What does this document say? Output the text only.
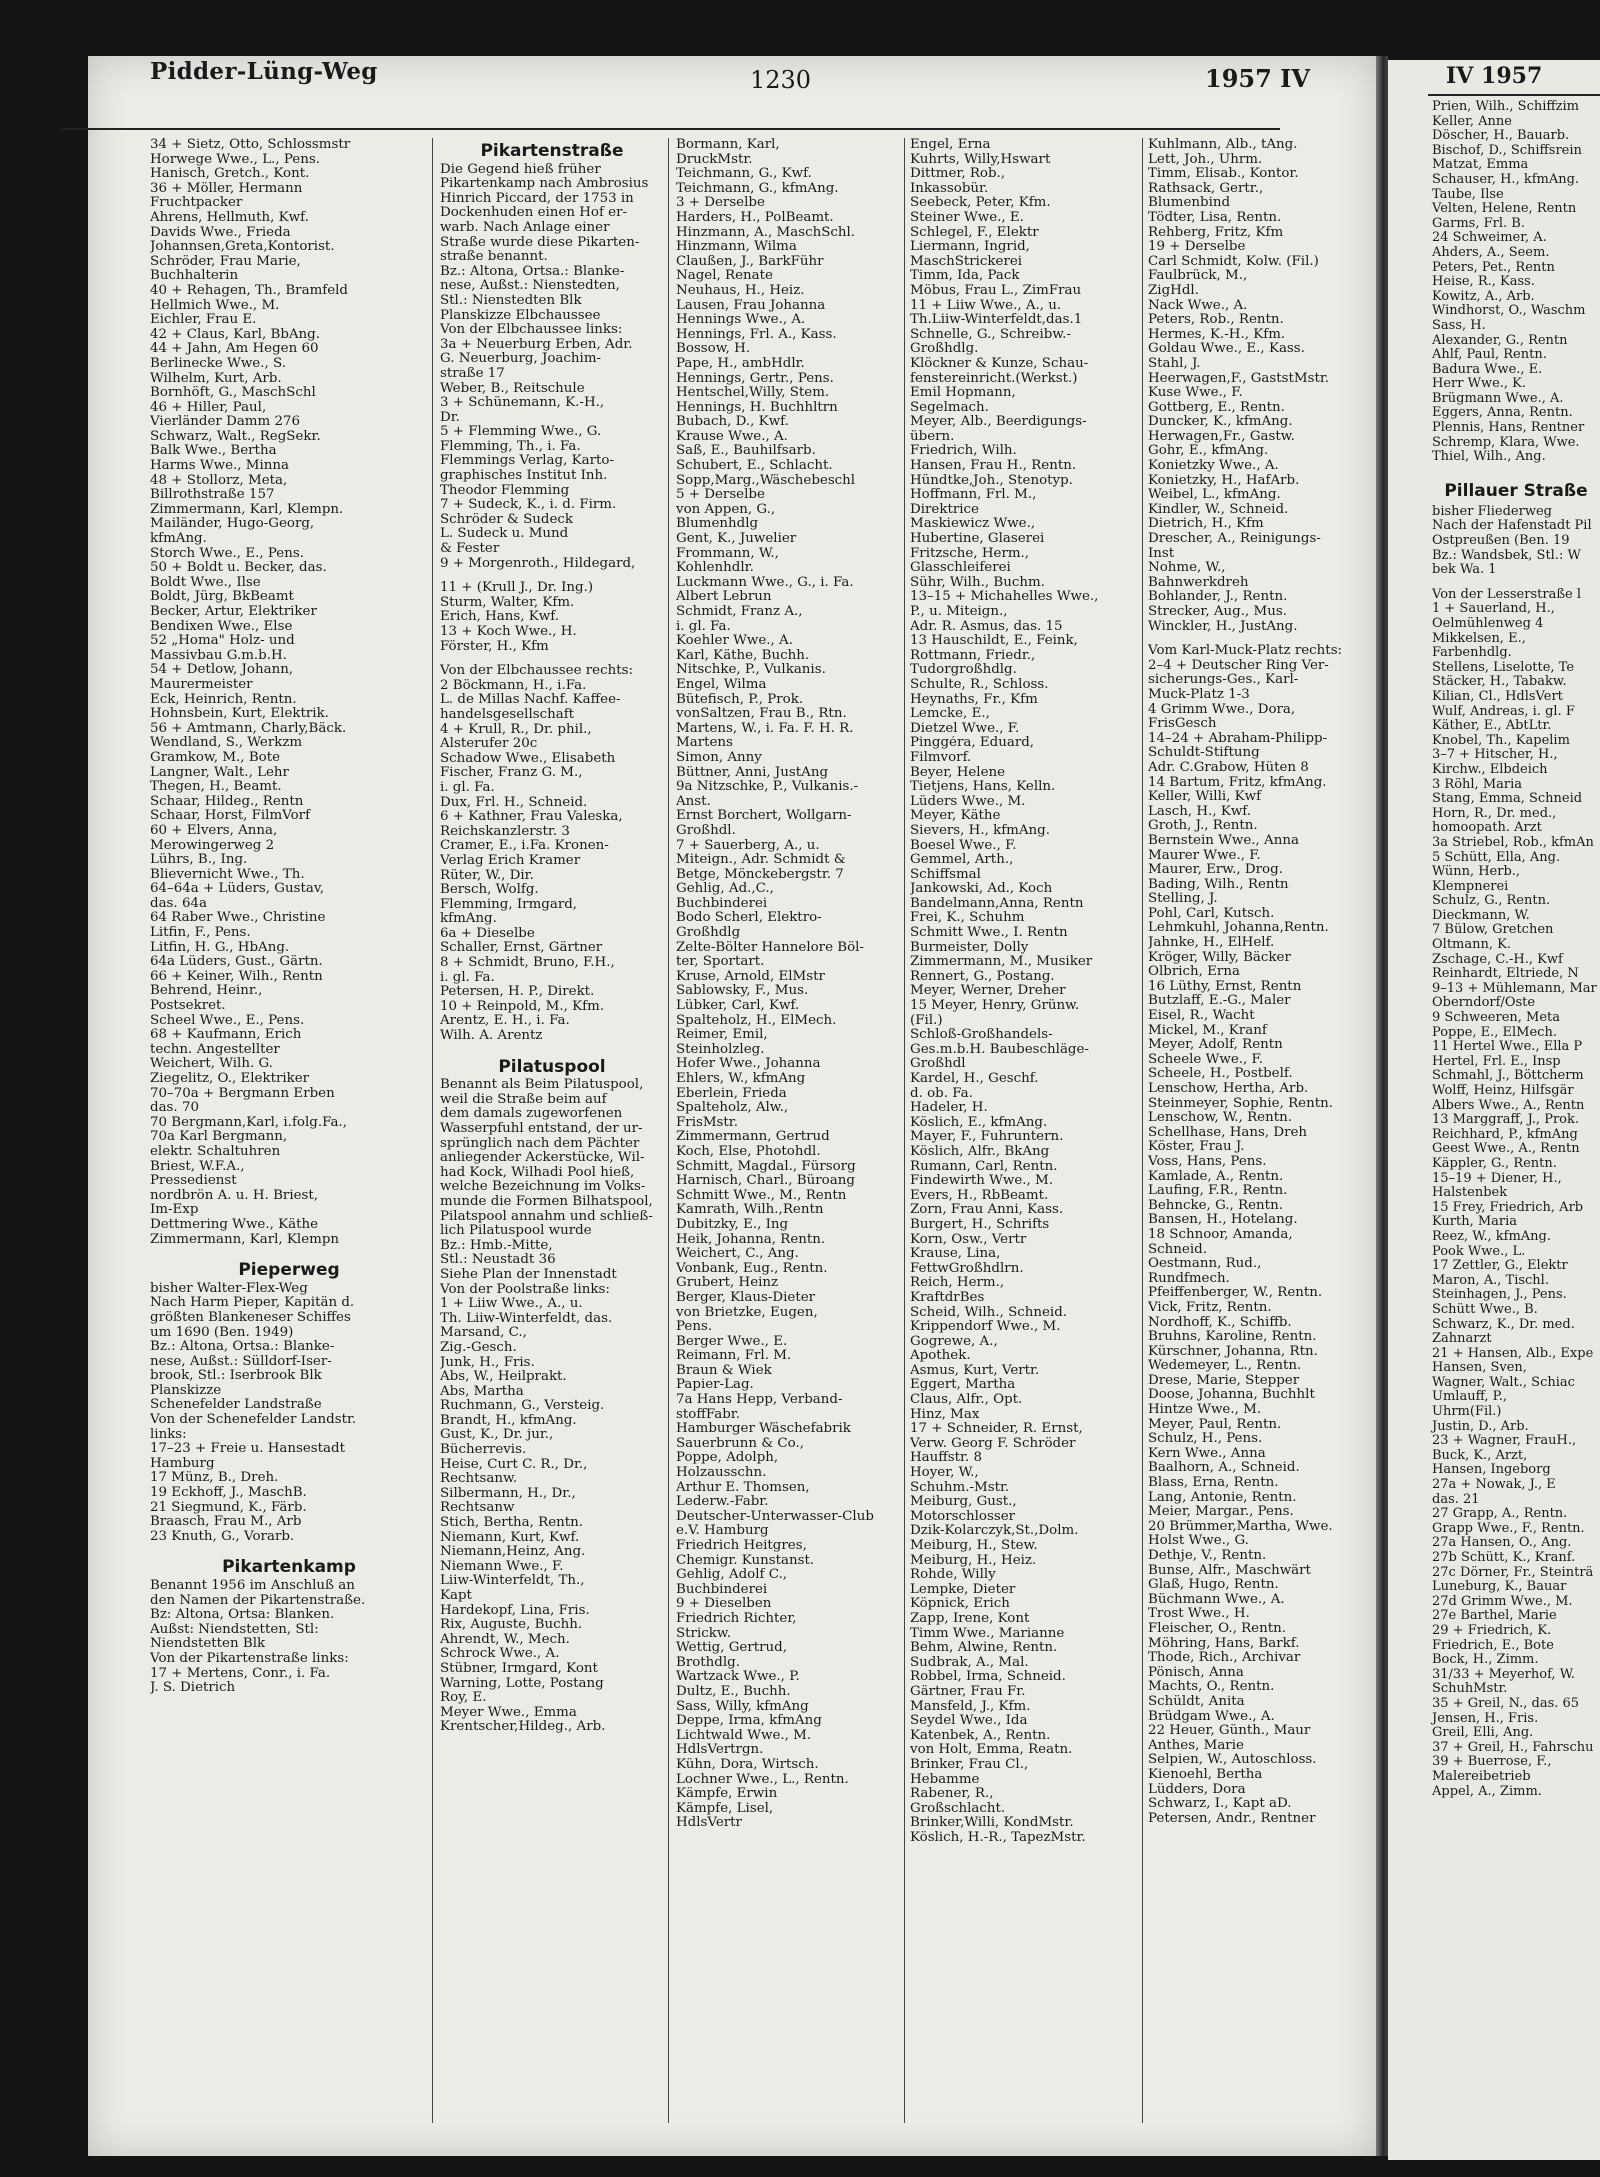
Pidder-Lüng-Weg	1230	1957 IV
34 + Sietz, Otto, Schlossmstr
Horwege Wwe., L., Pens.
Hanisch, Gretch., Kont.
36 + Möller, Hermann
Fruchtpacker
Ahrens, Hellmuth, Kwf.
Davids Wwe., Frieda
Johannsen,Greta,Kontorist.
Schröder, Frau Marie,
Buchhalterin
40 + Rehagen, Th., Bramfeld
Hellmich Wwe., M.
Eichler, Frau E.
42 + Claus, Karl, BbAng.
44 + Jahn, Am Hegen 60
Berlinecke Wwe., S.
Wilhelm, Kurt, Arb.
Bornhöft, G., MaschSchl
46 + Hiller, Paul,
Vierländer Damm 276
Schwarz, Walt., RegSekr.
Balk Wwe., Bertha
Harms Wwe., Minna
48 + Stollorz, Meta,
Billrothstraße 157
Zimmermann, Karl, Klempn.
Mailänder, Hugo-Georg,
kfmAng.
Storch Wwe., E., Pens.
50 + Boldt u. Becker, das.
Boldt Wwe., Ilse
Boldt, Jürg, BkBeamt
Becker, Artur, Elektriker
Bendixen Wwe., Else
52 „Homa" Holz- und
Massivbau G.m.b.H.
54 + Detlow, Johann,
Maurermeister
Eck, Heinrich, Rentn.
Hohnsbein, Kurt, Elektrik.
56 + Amtmann, Charly,Bäck.
Wendland, S., Werkzm
Gramkow, M., Bote
Langner, Walt., Lehr
Thegen, H., Beamt.
Schaar, Hildeg., Rentn
Schaar, Horst, FilmVorf
60 + Elvers, Anna,
Merowingerweg 2
Lührs, B., Ing.
Blievernicht Wwe., Th.
64–64a + Lüders, Gustav,
das. 64a
64 Raber Wwe., Christine
Litfin, F., Pens.
Litfin, H. G., HbAng.
64a Lüders, Gust., Gärtn.
66 + Keiner, Wilh., Rentn
Behrend, Heinr.,
Postsekret.
Scheel Wwe., E., Pens.
68 + Kaufmann, Erich
techn. Angestellter
Weichert, Wilh. G.
Ziegelitz, O., Elektriker
70–70a + Bergmann Erben
das. 70
70 Bergmann,Karl, i.folg.Fa.,
70a Karl Bergmann,
elektr. Schaltuhren
Briest, W.F.A.,
Pressedienst
nordbrön A. u. H. Briest,
Im-Exp
Dettmering Wwe., Käthe
Zimmermann, Karl, Klempn

Pieperweg
bisher Walter-Flex-Weg
Nach Harm Pieper, Kapitän d.
größten Blankeneser Schiffes
um 1690 (Ben. 1949)
Bz.: Altona, Ortsa.: Blanke-
nese, Außst.: Sülldorf-Iser-
brook, Stl.: Iserbrook Blk
Planskizze
Schenefelder Landstraße
Von der Schenefelder Landstr.
links:
17–23 + Freie u. Hansestadt
Hamburg
17 Münz, B., Dreh.
19 Eckhoff, J., MaschB.
21 Siegmund, K., Färb.
Braasch, Frau M., Arb
23 Knuth, G., Vorarb.

Pikartenkamp
Benannt 1956 im Anschluß an
den Namen der Pikartenstraße.
Bz: Altona, Ortsa: Blanken.
Außst: Niendstetten, Stl:
Niendstetten Blk
Von der Pikartenstraße links:
17 + Mertens, Conr., i. Fa.
J. S. Dietrich
Pikartenstraße
Die Gegend hieß früher
Pikartenkamp nach Ambrosius
Hinrich Piccard, der 1753 in
Dockenhuden einen Hof er-
warb. Nach Anlage einer
Straße wurde diese Pikarten-
straße benannt.
Bz.: Altona, Ortsa.: Blanke-
nese, Außst.: Nienstedten,
Stl.: Nienstedten Blk
Planskizze Elbchaussee
Von der Elbchaussee links:
3a + Neuerburg Erben, Adr.
G. Neuerburg, Joachim-
straße 17
Weber, B., Reitschule
3 + Schünemann, K.-H.,
Dr.
5 + Flemming Wwe., G.
Flemming, Th., i. Fa.
Flemmings Verlag, Karto-
graphisches Institut Inh.
Theodor Flemming
7 + Sudeck, K., i. d. Firm.
Schröder & Sudeck
L. Sudeck u. Mund
& Fester
9 + Morgenroth., Hildegard,

11 + (Krull J., Dr. Ing.)
Sturm, Walter, Kfm.
Erich, Hans, Kwf.
13 + Koch Wwe., H.
Förster, H., Kfm

Von der Elbchaussee rechts:
2 Böckmann, H., i.Fa.
L. de Millas Nachf. Kaffee-
handelsgesellschaft
4 + Krull, R., Dr. phil.,
Alsterufer 20c
Schadow Wwe., Elisabeth
Fischer, Franz G. M.,
i. gl. Fa.
Dux, Frl. H., Schneid.
6 + Kathner, Frau Valeska,
Reichskanzlerstr. 3
Cramer, E., i.Fa. Kronen-
Verlag Erich Kramer
Rüter, W., Dir.
Bersch, Wolfg.
Flemming, Irmgard,
kfmAng.
6a + Dieselbe
Schaller, Ernst, Gärtner
8 + Schmidt, Bruno, F.H.,
i. gl. Fa.
Petersen, H. P., Direkt.
10 + Reinpold, M., Kfm.
Arentz, E. H., i. Fa.
Wilh. A. Arentz

Pilatuspool
Benannt als Beim Pilatuspool,
weil die Straße beim auf
dem damals zugeworfenen
Wasserpfuhl entstand, der ur-
sprünglich nach dem Pächter
anliegender Ackerstücke, Wil-
had Kock, Wilhadi Pool hieß,
welche Bezeichnung im Volks-
munde die Formen Bilhatspool,
Pilatspool annahm und schließ-
lich Pilatuspool wurde
Bz.: Hmb.-Mitte,
Stl.: Neustadt 36
Siehe Plan der Innenstadt
Von der Poolstraße links:
1 + Liiw Wwe., A., u.
Th. Liiw-Winterfeldt, das.
Marsand, C.,
Zig.-Gesch.
Junk, H., Fris.
Abs, W., Heilprakt.
Abs, Martha
Ruchmann, G., Versteig.
Brandt, H., kfmAng.
Gust, K., Dr. jur.,
Bücherrevis.
Heise, Curt C. R., Dr.,
Rechtsanw.
Silbermann, H., Dr.,
Rechtsanw
Stich, Bertha, Rentn.
Niemann, Kurt, Kwf.
Niemann,Heinz, Ang.
Niemann Wwe., F.
Liiw-Winterfeldt, Th.,
Kapt
Hardekopf, Lina, Fris.
Rix, Auguste, Buchh.
Ahrendt, W., Mech.
Schrock Wwe., A.
Stübner, Irmgard, Kont
Warning, Lotte, Postang
Roy, E.
Meyer Wwe., Emma
Krentscher,Hildeg., Arb.
Bormann, Karl,
DruckMstr.
Teichmann, G., Kwf.
Teichmann, G., kfmAng.
3 + Derselbe
Harders, H., PolBeamt.
Hinzmann, A., MaschSchl.
Hinzmann, Wilma
Claußen, J., BarkFühr
Nagel, Renate
Neuhaus, H., Heiz.
Lausen, Frau Johanna
Hennings Wwe., A.
Hennings, Frl. A., Kass.
Bossow, H.
Pape, H., ambHdlr.
Hennings, Gertr., Pens.
Hentschel,Willy, Stem.
Hennings, H. Buchhltrn
Bubach, D., Kwf.
Krause Wwe., A.
Saß, E., Bauhilfsarb.
Schubert, E., Schlacht.
Sopp,Marg.,Wäschebeschl
5 + Derselbe
von Appen, G.,
Blumenhdlg
Gent, K., Juwelier
Frommann, W.,
Kohlenhdlr.
Luckmann Wwe., G., i. Fa.
Albert Lebrun
Schmidt, Franz A.,
i. gl. Fa.
Koehler Wwe., A.
Karl, Käthe, Buchh.
Nitschke, P., Vulkanis.
Engel, Wilma
Bütefisch, P., Prok.
vonSaltzen, Frau B., Rtn.
Martens, W., i. Fa. F. H. R.
Martens
Simon, Anny
Büttner, Anni, JustAng
9a Nitzschke, P., Vulkanis.-
Anst.
Ernst Borchert, Wollgarn-
Großhdl.
7 + Sauerberg, A., u.
Miteign., Adr. Schmidt &
Betge, Mönckebergstr. 7
Gehlig, Ad.,C.,
Buchbinderei
Bodo Scherl, Elektro-
Großhdlg
Zelte-Bölter Hannelore Böl-
ter, Sportart.
Kruse, Arnold, ElMstr
Sablowsky, F., Mus.
Lübker, Carl, Kwf.
Spalteholz, H., ElMech.
Reimer, Emil,
Steinholzleg.
Hofer Wwe., Johanna
Ehlers, W., kfmAng
Eberlein, Frieda
Spalteholz, Alw.,
FrisMstr.
Zimmermann, Gertrud
Koch, Else, Photohdl.
Schmitt, Magdal., Fürsorg
Harnisch, Charl., Büroang
Schmitt Wwe., M., Rentn
Kamrath, Wilh.,Rentn
Dubitzky, E., Ing
Heik, Johanna, Rentn.
Weichert, C., Ang.
Vonbank, Eug., Rentn.
Grubert, Heinz
Berger, Klaus-Dieter
von Brietzke, Eugen,
Pens.
Berger Wwe., E.
Reimann, Frl. M.
Braun & Wiek
Papier-Lag.
7a Hans Hepp, Verband-
stoffFabr.
Hamburger Wäschefabrik
Sauerbrunn & Co.,
Poppe, Adolph,
Holzausschn.
Arthur E. Thomsen,
Lederw.-Fabr.
Deutscher-Unterwasser-Club
e.V. Hamburg
Friedrich Heitgres,
Chemigr. Kunstanst.
Gehlig, Adolf C.,
Buchbinderei
9 + Dieselben
Friedrich Richter,
Strickw.
Wettig, Gertrud,
Brothdlg.
Wartzack Wwe., P.
Dultz, E., Buchh.
Sass, Willy, kfmAng
Deppe, Irma, kfmAng
Lichtwald Wwe., M.
HdlsVertrgn.
Kühn, Dora, Wirtsch.
Lochner Wwe., L., Rentn.
Kämpfe, Erwin
Kämpfe, Lisel,
HdlsVertr
Engel, Erna
Kuhrts, Willy,Hswart
Dittmer, Rob.,
Inkassobür.
Seebeck, Peter, Kfm.
Steiner Wwe., E.
Schlegel, F., Elektr
Liermann, Ingrid,
MaschStrickerei
Timm, Ida, Pack
Möbus, Frau L., ZimFrau
11 + Liiw Wwe., A., u.
Th.Liiw-Winterfeldt,das.1
Schnelle, G., Schreibw.-
Großhdlg.
Klöckner & Kunze, Schau-
fenstereinricht.(Werkst.)
Emil Hopmann,
Segelmach.
Meyer, Alb., Beerdigungs-
übern.
Friedrich, Wilh.
Hansen, Frau H., Rentn.
Hündtke,Joh., Stenotyp.
Hoffmann, Frl. M.,
Direktrice
Maskiewicz Wwe.,
Hubertine, Glaserei
Fritzsche, Herm.,
Glasschleiferei
Sühr, Wilh., Buchm.
13–15 + Michahelles Wwe.,
P., u. Miteign.,
Adr. R. Asmus, das. 15
13 Hauschildt, E., Feink,
Rottmann, Friedr.,
Tudorgroßhdlg.
Schulte, R., Schloss.
Heynaths, Fr., Kfm
Lemcke, E.,
Dietzel Wwe., F.
Pinggéra, Eduard,
Filmvorf.
Beyer, Helene
Tietjens, Hans, Kelln.
Lüders Wwe., M.
Meyer, Käthe
Sievers, H., kfmAng.
Boesel Wwe., F.
Gemmel, Arth.,
Schiffsmal
Jankowski, Ad., Koch
Bandelmann,Anna, Rentn
Frei, K., Schuhm
Schmitt Wwe., I. Rentn
Burmeister, Dolly
Zimmermann, M., Musiker
Rennert, G., Postang.
Meyer, Werner, Dreher
15 Meyer, Henry, Grünw.
(Fil.)
Schloß-Großhandels-
Ges.m.b.H. Baubeschläge-
Großhdl
Kardel, H., Geschf.
d. ob. Fa.
Hadeler, H.
Köslich, E., kfmAng.
Mayer, F., Fuhruntern.
Köslich, Alfr., BkAng
Rumann, Carl, Rentn.
Findewirth Wwe., M.
Evers, H., RbBeamt.
Zorn, Frau Anni, Kass.
Burgert, H., Schrifts
Korn, Osw., Vertr
Krause, Lina,
FettwGroßhdlrn.
Reich, Herm.,
KraftdrBes
Scheid, Wilh., Schneid.
Krippendorf Wwe., M.
Gogrewe, A.,
Apothek.
Asmus, Kurt, Vertr.
Eggert, Martha
Claus, Alfr., Opt.
Hinz, Max
17 + Schneider, R. Ernst,
Verw. Georg F. Schröder
Hauffstr. 8
Hoyer, W.,
Schuhm.-Mstr.
Meiburg, Gust.,
Motorschlosser
Dzik-Kolarczyk,St.,Dolm.
Meiburg, H., Stew.
Meiburg, H., Heiz.
Rohde, Willy
Lempke, Dieter
Köpnick, Erich
Zapp, Irene, Kont
Timm Wwe., Marianne
Behm, Alwine, Rentn.
Sudbrak, A., Mal.
Robbel, Irma, Schneid.
Gärtner, Frau Fr.
Mansfeld, J., Kfm.
Seydel Wwe., Ida
Katenbek, A., Rentn.
von Holt, Emma, Reatn.
Brinker, Frau Cl.,
Hebamme
Rabener, R.,
Großschlacht.
Brinker,Willi, KondMstr.
Köslich, H.-R., TapezMstr.
Kuhlmann, Alb., tAng.
Lett, Joh., Uhrm.
Timm, Elisab., Kontor.
Rathsack, Gertr.,
Blumenbind
Tödter, Lisa, Rentn.
Rehberg, Fritz, Kfm
19 + Derselbe
Carl Schmidt, Kolw. (Fil.)
Faulbrück, M.,
ZigHdl.
Nack Wwe., A.
Peters, Rob., Rentn.
Hermes, K.-H., Kfm.
Goldau Wwe., E., Kass.
Stahl, J.
Heerwagen,F., GaststMstr.
Kuse Wwe., F.
Gottberg, E., Rentn.
Duncker, K., kfmAng.
Herwagen,Fr., Gastw.
Gohr, E., kfmAng.
Konietzky Wwe., A.
Konietzky, H., HafArb.
Weibel, L., kfmAng.
Kindler, W., Schneid.
Dietrich, H., Kfm
Drescher, A., Reinigungs-
Inst
Nohme, W.,
Bahnwerkdreh
Bohlander, J., Rentn.
Strecker, Aug., Mus.
Winckler, H., JustAng.

Vom Karl-Muck-Platz rechts:
2–4 + Deutscher Ring Ver-
sicherungs-Ges., Karl-
Muck-Platz 1-3
4 Grimm Wwe., Dora,
FrisGesch
14–24 + Abraham-Philipp-
Schuldt-Stiftung
Adr. C.Grabow, Hüten 8
14 Bartum, Fritz, kfmAng.
Keller, Willi, Kwf
Lasch, H., Kwf.
Groth, J., Rentn.
Bernstein Wwe., Anna
Maurer Wwe., F.
Maurer, Erw., Drog.
Bading, Wilh., Rentn
Stelling, J.
Pohl, Carl, Kutsch.
Lehmkuhl, Johanna,Rentn.
Jahnke, H., ElHelf.
Kröger, Willy, Bäcker
Olbrich, Erna
16 Lüthy, Ernst, Rentn
Butzlaff, E.-G., Maler
Eisel, R., Wacht
Mickel, M., Kranf
Meyer, Adolf, Rentn
Scheele Wwe., F.
Scheele, H., Postbelf.
Lenschow, Hertha, Arb.
Steinmeyer, Sophie, Rentn.
Lenschow, W., Rentn.
Schellhase, Hans, Dreh
Köster, Frau J.
Voss, Hans, Pens.
Kamlade, A., Rentn.
Laufing, F.R., Rentn.
Behncke, G., Rentn.
Bansen, H., Hotelang.
18 Schnoor, Amanda,
Schneid.
Oestmann, Rud.,
Rundfmech.
Pfeiffenberger, W., Rentn.
Vick, Fritz, Rentn.
Nordhoff, K., Schiffb.
Bruhns, Karoline, Rentn.
Kürschner, Johanna, Rtn.
Wedemeyer, L., Rentn.
Drese, Marie, Stepper
Doose, Johanna, Buchhlt
Hintze Wwe., M.
Meyer, Paul, Rentn.
Schulz, H., Pens.
Kern Wwe., Anna
Baalhorn, A., Schneid.
Blass, Erna, Rentn.
Lang, Antonie, Rentn.
Meier, Margar., Pens.
20 Brümmer,Martha, Wwe.
Holst Wwe., G.
Dethje, V., Rentn.
Bunse, Alfr., Maschwärt
Glaß, Hugo, Rentn.
Büchmann Wwe., A.
Trost Wwe., H.
Fleischer, O., Rentn.
Möhring, Hans, Barkf.
Thode, Rich., Archivar
Pönisch, Anna
Machts, O., Rentn.
Schüldt, Anita
Brüdgam Wwe., A.
22 Heuer, Günth., Maur
Anthes, Marie
Selpien, W., Autoschloss.
Kienoehl, Bertha
Lüdders, Dora
Schwarz, I., Kapt aD.
Petersen, Andr., Rentner
IV 1957
Prien, Wilh., Schiffzim
Keller, Anne
Döscher, H., Bauarb.
Bischof, D., Schiffsrein
Matzat, Emma
Schauser, H., kfmAng.
Taube, Ilse
Velten, Helene, Rentn
Garms, Frl. B.
24 Schweimer, A.
Ahders, A., Seem.
Peters, Pet., Rentn
Heise, R., Kass.
Kowitz, A., Arb.
Windhorst, O., Waschm
Sass, H.
Alexander, G., Rentn
Ahlf, Paul, Rentn.
Badura Wwe., E.
Herr Wwe., K.
Brügmann Wwe., A.
Eggers, Anna, Rentn.
Plennis, Hans, Rentner
Schremp, Klara, Wwe.
Thiel, Wilh., Ang.

Pillauer Straße
bisher Fliederweg
Nach der Hafenstadt Pil
Ostpreußen (Ben. 19
Bz.: Wandsbek, Stl.: W
bek Wa. 1

Von der Lesserstraße l
1 + Sauerland, H.,
Oelmühlenweg 4
Mikkelsen, E.,
Farbenhdlg.
Stellens, Liselotte, Te
Stäcker, H., Tabakw.
Kilian, Cl., HdlsVert
Wulf, Andreas, i. gl. F
Käther, E., AbtLtr.
Knobel, Th., Kapelim
3–7 + Hitscher, H.,
Kirchw., Elbdeich
3 Röhl, Maria
Stang, Emma, Schneid
Horn, R., Dr. med.,
homoopath. Arzt
3a Striebel, Rob., kfmAn
5 Schütt, Ella, Ang.
Wünn, Herb.,
Klempnerei
Schulz, G., Rentn.
Dieckmann, W.
7 Bülow, Gretchen
Oltmann, K.
Zschage, C.-H., Kwf
Reinhardt, Eltriede, N
9–13 + Mühlemann, Mar
Oberndorf/Oste
9 Schweeren, Meta
Poppe, E., ElMech.
11 Hertel Wwe., Ella P
Hertel, Frl. E., Insp
Schmahl, J., Böttcherm
Wolff, Heinz, Hilfsgär
Albers Wwe., A., Rentn
13 Marggraff, J., Prok.
Reichhard, P., kfmAng
Geest Wwe., A., Rentn
Käppler, G., Rentn.
15–19 + Diener, H.,
Halstenbek
15 Frey, Friedrich, Arb
Kurth, Maria
Reez, W., kfmAng.
Pook Wwe., L.
17 Zettler, G., Elektr
Maron, A., Tischl.
Steinhagen, J., Pens.
Schütt Wwe., B.
Schwarz, K., Dr. med.
Zahnarzt
21 + Hansen, Alb., Expe
Hansen, Sven,
Wagner, Walt., Schiac
Umlauff, P.,
Uhrm(Fil.)
Justin, D., Arb.
23 + Wagner, FrauH.,
Buck, K., Arzt,
Hansen, Ingeborg
27a + Nowak, J., E
das. 21
27 Grapp, A., Rentn.
Grapp Wwe., F., Rentn.
27a Hansen, O., Ang.
27b Schütt, K., Kranf.
27c Dörner, Fr., Steinträ
Luneburg, K., Bauar
27d Grimm Wwe., M.
27e Barthel, Marie
29 + Friedrich, K.
Friedrich, E., Bote
Bock, H., Zimm.
31/33 + Meyerhof, W.
SchuhMstr.
35 + Greil, N., das. 65
Jensen, H., Fris.
Greil, Elli, Ang.
37 + Greil, H., Fahrschu
39 + Buerrose, F.,
Malereibetrieb
Appel, A., Zimm.
